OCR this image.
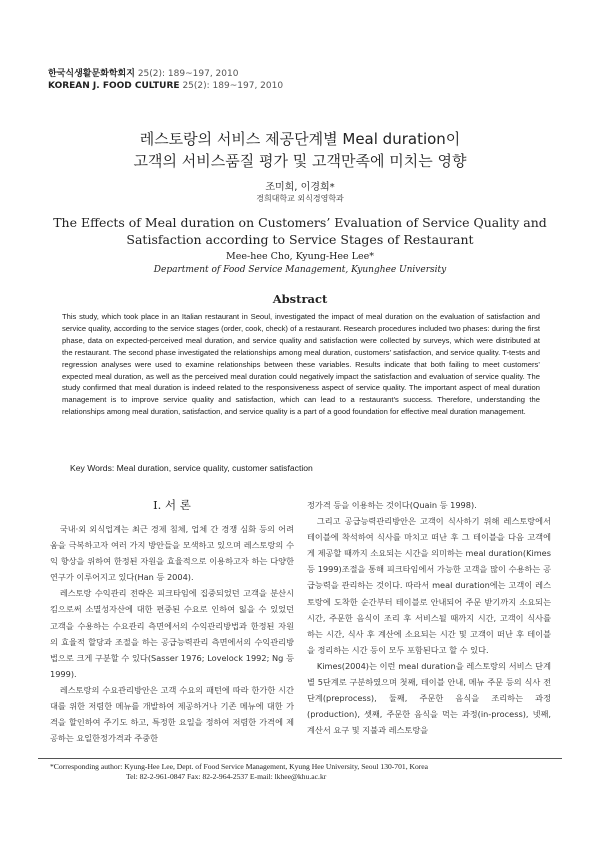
한국식생활문화학회지 25(2): 189~197, 2010
KOREAN J. FOOD CULTURE 25(2): 189~197, 2010
레스토랑의 서비스 제공단계별 Meal duration이
고객의 서비스품질 평가 및 고객만족에 미치는 영향
조미희, 이경희*
경희대학교 외식경영학과
The Effects of Meal duration on Customers’ Evaluation of Service Quality and
Satisfaction according to Service Stages of Restaurant
Mee-hee Cho, Kyung-Hee Lee*
Department of Food Service Management, Kyunghee University
Abstract
This study, which took place in an Italian restaurant in Seoul, investigated the impact of meal duration on the evaluation of satisfaction and service quality, according to the service stages (order, cook, check) of a restaurant. Research procedures included two phases: during the first phase, data on expected-perceived meal duration, and service quality and satisfaction were collected by surveys, which were distributed at the restaurant. The second phase investigated the relationships among meal duration, customers’ satisfaction, and service quality. T-tests and regression analyses were used to examine relationships between these variables. Results indicate that both failing to meet customers’ expected meal duration, as well as the perceived meal duration could negatively impact the satisfaction and evaluation of service quality. The study confirmed that meal duration is indeed related to the responsiveness aspect of service quality. The important aspect of meal duration management is to improve service quality and satisfaction, which can lead to a restaurant’s success. Therefore, understanding the relationships among meal duration, satisfaction, and service quality is a part of a good foundation for effective meal duration management.
Key Words: Meal duration, service quality, customer satisfaction
I. 서 론

국내·외 외식업계는 최근 경제 침체, 업체 간 경쟁 심화 등의 어려움을 극복하고자 여러 가지 방안들을 모색하고 있으며 레스토랑의 수익 향상을 위하여 한정된 자원을 효율적으로 이용하고자 하는 다양한 연구가 이루어지고 있다(Han 등 2004).

레스토랑 수익관리 전략은 피크타임에 집중되었던 고객을 분산시킴으로써 소멸성자산에 대한 편중된 수요로 인하여 잃을 수 있었던 고객을 수용하는 수요관리 측면에서의 수익관리방법과 한정된 자원의 효율적 할당과 조절을 하는 공급능력관리 측면에서의 수익관리방법으로 크게 구분할 수 있다(Sasser 1976; Lovelock 1992; Ng 등 1999).

레스토랑의 수요관리방안은 고객 수요의 패턴에 따라 한가한 시간대를 위한 저렴한 메뉴를 개발하여 제공하거나 기존 메뉴에 대한 가격을 할인하여 주기도 하고, 특정한 요일을 정하여 저렴한 가격에 제공하는 요일한정가격과 주중한

정가격 등을 이용하는 것이다(Quain 등 1998).

그리고 공급능력관리방안은 고객이 식사하기 위해 레스토랑에서 테이블에 착석하여 식사를 마치고 떠난 후 그 테이블을 다음 고객에게 제공할 때까지 소요되는 시간을 의미하는 meal duration(Kimes 등 1999)조절을 통해 피크타임에서 가능한 고객을 많이 수용하는 공급능력을 관리하는 것이다. 따라서 meal duration에는 고객이 레스토랑에 도착한 순간부터 테이블로 안내되어 주문 받기까지 소요되는 시간, 주문한 음식이 조리 후 서비스될 때까지 시간, 고객이 식사를 하는 시간, 식사 후 계산에 소요되는 시간 및 고객이 떠난 후 테이블을 정리하는 시간 등이 모두 포함된다고 할 수 있다.

Kimes(2004)는 이런 meal duration을 레스토랑의 서비스 단계별 5단계로 구분하였으며 첫째, 테이블 안내, 메뉴 주문 등의 식사 전 단계(preprocess), 둘째, 주문한 음식을 조리하는 과정(production), 셋째, 주문한 음식을 먹는 과정(in-process), 넷째, 계산서 요구 및 지불과 레스토랑을

*Corresponding author: Kyung-Hee Lee, Dept. of Food Service Management, Kyung Hee University, Seoul 130-701, Korea
Tel: 82-2-961-0847 Fax: 82-2-964-2537 E-mail: lkhee@khu.ac.kr
